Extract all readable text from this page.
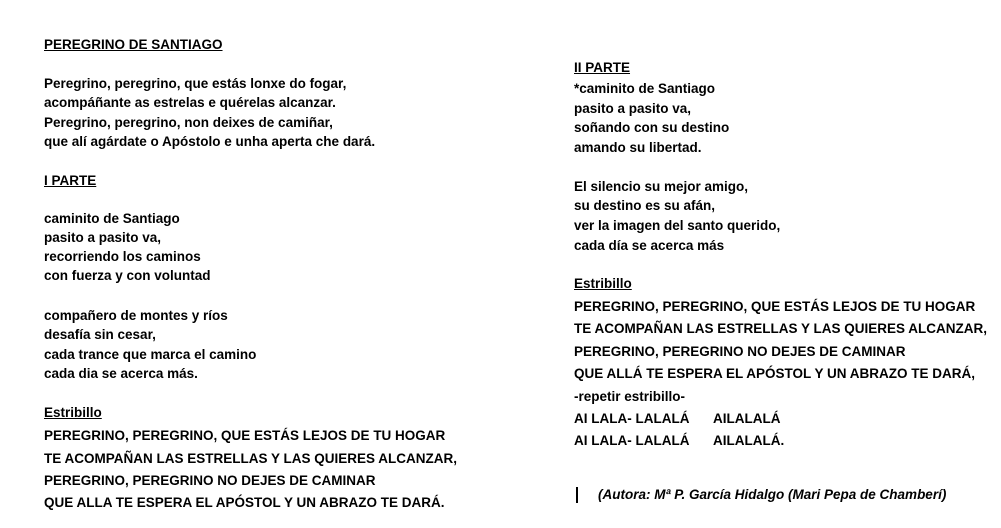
PEREGRINO DE SANTIAGO
Peregrino, peregrino, que estás lonxe do fogar,
acompáñante as estrelas e quérelas alcanzar.
Peregrino, peregrino, non deixes de camiñar,
que alí agárdate o Apóstolo e unha aperta che dará.
I PARTE
caminito de Santiago
pasito a pasito va,
recorriendo los caminos
con fuerza y con voluntad
compañero de montes y ríos
desafía sin cesar,
cada trance que marca el camino
cada dia se acerca más.
Estribillo
PEREGRINO, PEREGRINO, QUE ESTÁS LEJOS DE TU HOGAR
TE ACOMPAÑAN LAS ESTRELLAS Y LAS QUIERES ALCANZAR,
PEREGRINO, PEREGRINO NO DEJES DE CAMINAR
QUE ALLA TE ESPERA EL APÓSTOL Y UN ABRAZO TE DARÁ.
II PARTE
*caminito de Santiago
pasito a pasito va,
soñando con su destino
amando su libertad.
El silencio su mejor amigo,
su destino es su afán,
ver la imagen del santo querido,
cada día se acerca más
Estribillo
PEREGRINO, PEREGRINO, QUE ESTÁS LEJOS DE TU HOGAR
TE ACOMPAÑAN LAS ESTRELLAS Y LAS QUIERES ALCANZAR,
PEREGRINO, PEREGRINO NO DEJES DE CAMINAR
QUE ALLÁ TE ESPERA EL APÓSTOL Y UN ABRAZO TE DARÁ,
-repetir estribillo-
AI LALA- LALALÁ AILALALÁ
AI LALA- LALALÁ AILALALÁ.
(Autora: Mª P. García Hidalgo (Mari Pepa de Chamberí)
